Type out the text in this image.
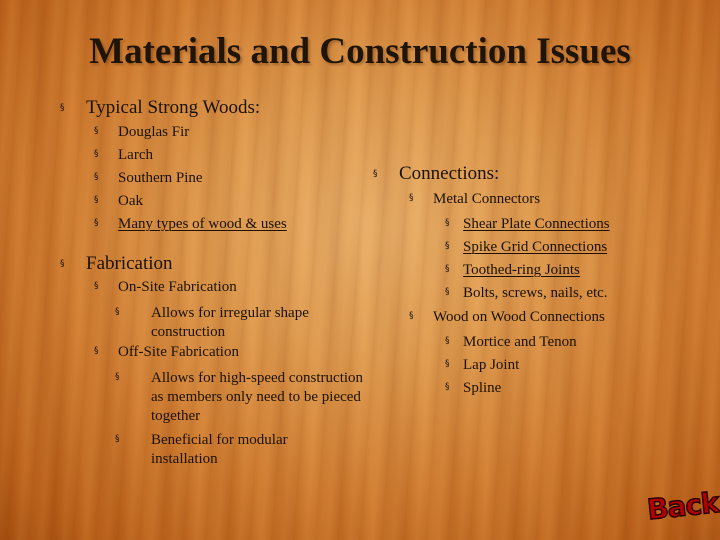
Materials and Construction Issues
§ Typical Strong Woods:
§ Douglas Fir
§ Larch
§ Southern Pine
§ Oak
§ Many types of wood & uses
§ Fabrication
§ On-Site Fabrication
§ Allows for irregular shape construction
§ Off-Site Fabrication
§ Allows for high-speed construction as members only need to be pieced together
§ Beneficial for modular installation
§ Connections:
§ Metal Connectors
§ Shear Plate Connections
§ Spike Grid Connections
§ Toothed-ring Joints
§ Bolts, screws, nails, etc.
§ Wood on Wood Connections
§ Mortice and Tenon
§ Lap Joint
§ Spline
Back
